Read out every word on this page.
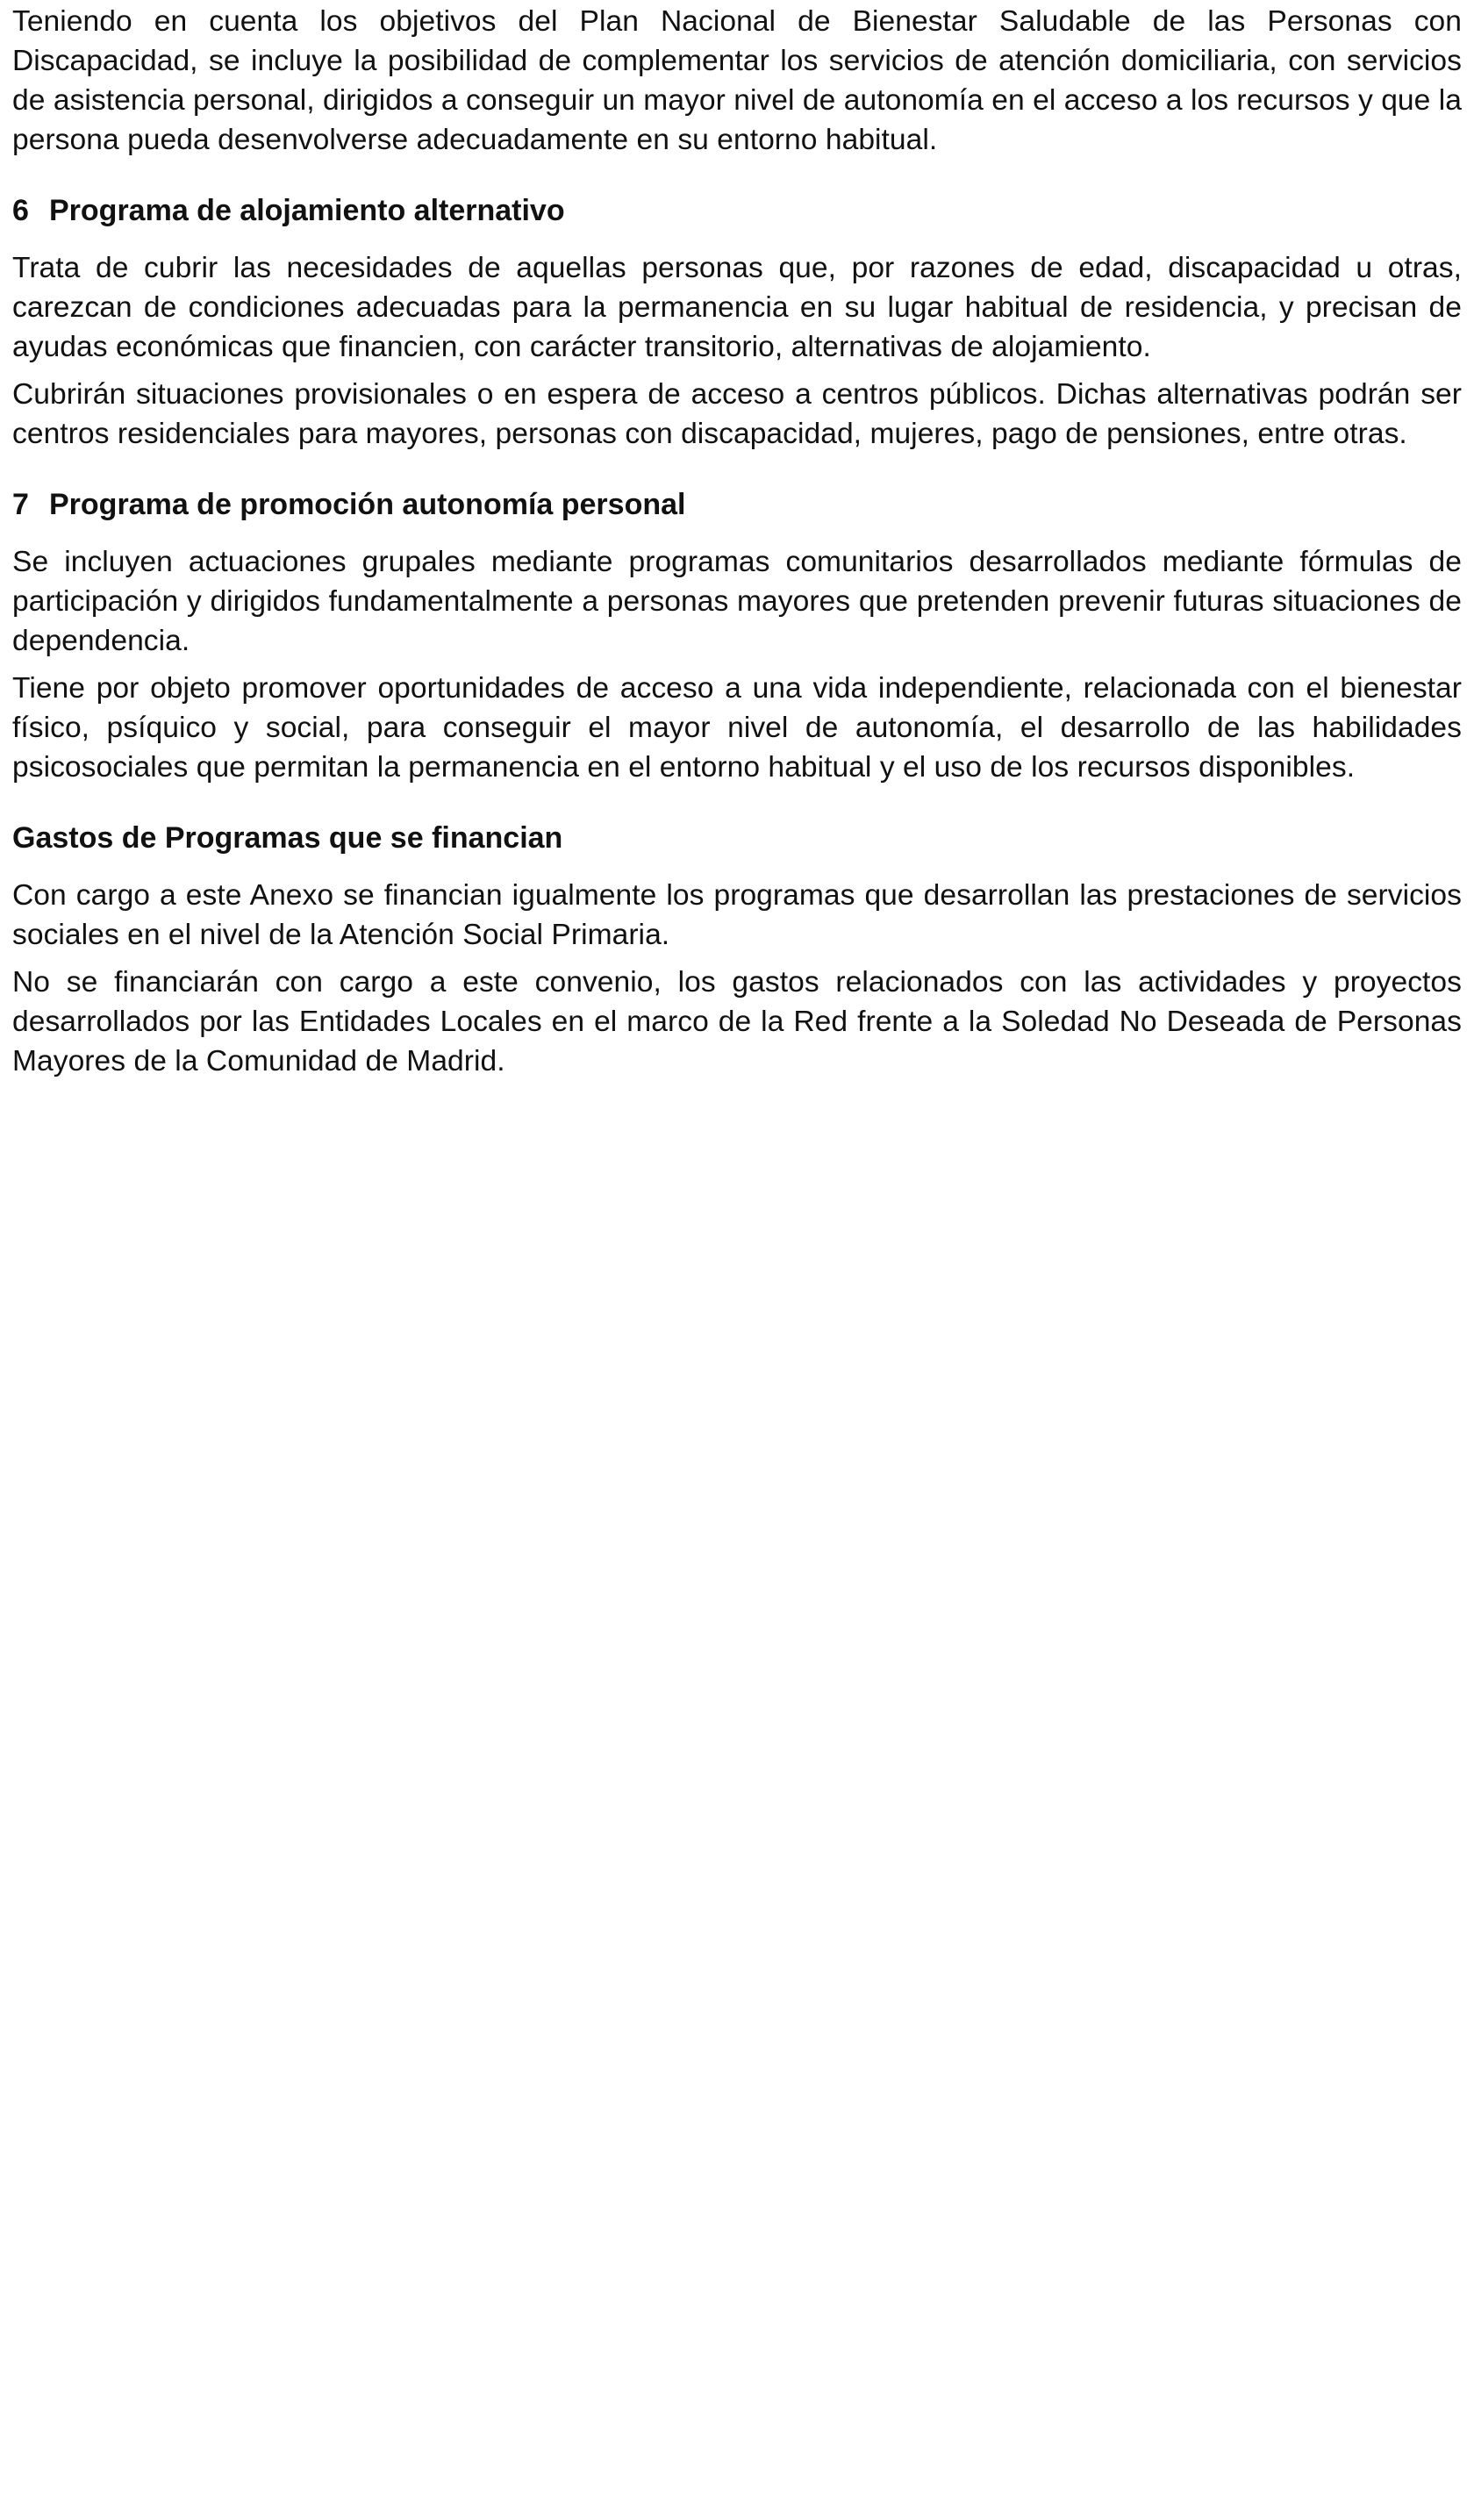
Teniendo en cuenta los objetivos del Plan Nacional de Bienestar Saludable de las Personas con Discapacidad, se incluye la posibilidad de complementar los servicios de atención domiciliaria, con servicios de asistencia personal, dirigidos a conseguir un mayor nivel de autonomía en el acceso a los recursos y que la persona pueda desenvolverse adecuadamente en su entorno habitual.

6 Programa de alojamiento alternativo

Trata de cubrir las necesidades de aquellas personas que, por razones de edad, discapacidad u otras, carezcan de condiciones adecuadas para la permanencia en su lugar habitual de residencia, y precisan de ayudas económicas que financien, con carácter transitorio, alternativas de alojamiento.

Cubrirán situaciones provisionales o en espera de acceso a centros públicos. Dichas alternativas podrán ser centros residenciales para mayores, personas con discapacidad, mujeres, pago de pensiones, entre otras.

7 Programa de promoción autonomía personal

Se incluyen actuaciones grupales mediante programas comunitarios desarrollados mediante fórmulas de participación y dirigidos fundamentalmente a personas mayores que pretenden prevenir futuras situaciones de dependencia.

Tiene por objeto promover oportunidades de acceso a una vida independiente, relacionada con el bienestar físico, psíquico y social, para conseguir el mayor nivel de autonomía, el desarrollo de las habilidades psicosociales que permitan la permanencia en el entorno habitual y el uso de los recursos disponibles.

Gastos de Programas que se financian

Con cargo a este Anexo se financian igualmente los programas que desarrollan las prestaciones de servicios sociales en el nivel de la Atención Social Primaria.

No se financiarán con cargo a este convenio, los gastos relacionados con las actividades y proyectos desarrollados por las Entidades Locales en el marco de la Red frente a la Soledad No Deseada de Personas Mayores de la Comunidad de Madrid.
